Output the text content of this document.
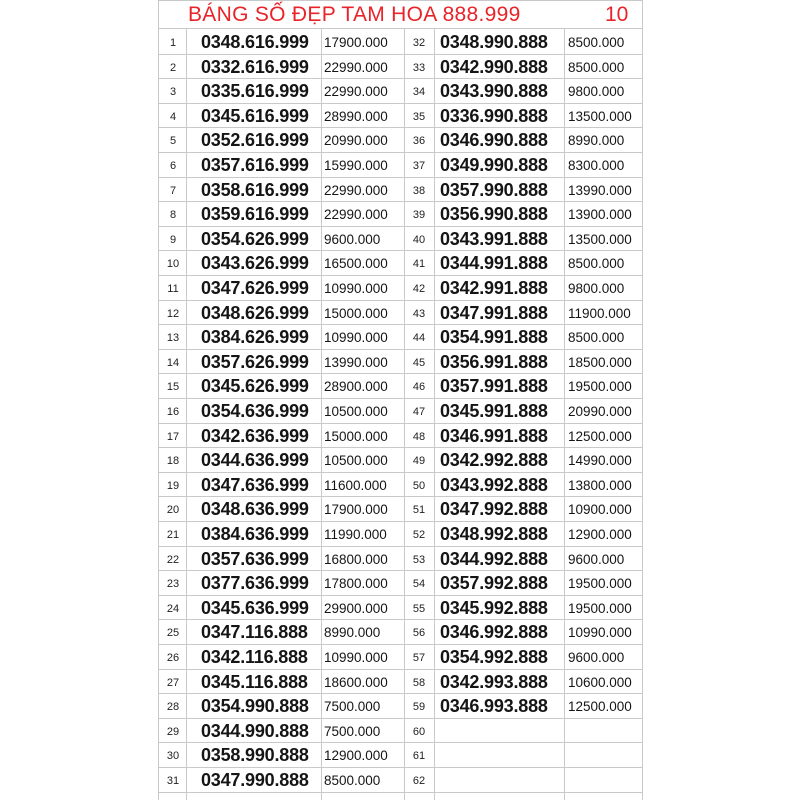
BÁNG SỐ ĐẸP TAM HOA 888.999	10
1	0348.616.999 17900.000
2	0332.616.999 22990.000
3	0335.616.999 22990.000
4	0345.616.999 28990.000
5	0352.616.999 20990.000
6	0357.616.999 15990.000
7	0358.616.999 22990.000
8	0359.616.999 22990.000
9	0354.626.999 9600.000
10	0343.626.999 16500.000
11	0347.626.999 10990.000
12	0348.626.999 15000.000
13	0384.626.999 10990.000
14	0357.626.999 13990.000
15	0345.626.999 28900.000
16	0354.636.999 10500.000
17	0342.636.999 15000.000
18	0344.636.999 10500.000
19	0347.636.999 11600.000
20	0348.636.999 17900.000
21	0384.636.999 11990.000
22	0357.636.999 16800.000
23	0377.636.999 17800.000
24	0345.636.999 29900.000
25	0347.116.888 8990.000
26	0342.116.888 10990.000
27	0345.116.888 18600.000
28	0354.990.888 7500.000
29	0344.990.888 7500.000
30	0358.990.888 12900.000
31	0347.990.888 8500.000
32 0348.990.888 8500.000
33 0342.990.888 8500.000
34 0343.990.888 9800.000
35 0336.990.888 13500.000
36 0346.990.888 8990.000
37 0349.990.888 8300.000
38 0357.990.888 13990.000
39 0356.990.888 13900.000
40 0343.991.888 13500.000
41 0344.991.888 8500.000
42 0342.991.888 9800.000
43 0347.991.888 11900.000
44 0354.991.888 8500.000
45 0356.991.888 18500.000
46 0357.991.888 19500.000
47 0345.991.888 20990.000
48 0346.991.888 12500.000
49 0342.992.888 14990.000
50 0343.992.888 13800.000
51 0347.992.888 10900.000
52 0348.992.888 12900.000
53 0344.992.888 9600.000
54 0357.992.888 19500.000
55 0345.992.888 19500.000
56 0346.992.888 10990.000
57 0354.992.888 9600.000
58 0342.993.888 10600.000
59 0346.993.888 12500.000
60
61
62
